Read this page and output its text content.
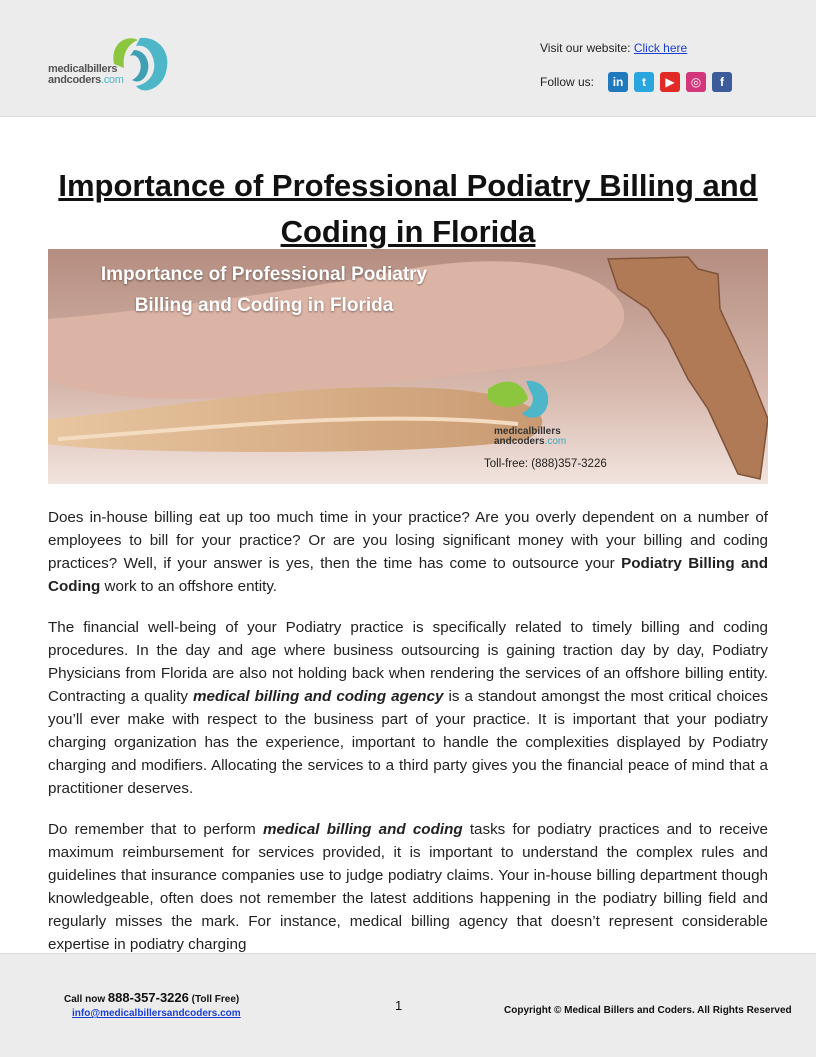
medicalbillers
andcoders.com
Visit our website: Click here
Follow us: in t ▶ ◎ f
Importance of Professional Podiatry Billing and Coding in Florida
Importance of Professional Podiatry
Billing and Coding in Florida
medicalbillers
andcoders.com
Toll-free: (888)357-3226

Does in-house billing eat up too much time in your practice? Are you overly dependent on a number of employees to bill for your practice? Or are you losing significant money with your billing and coding practices? Well, if your answer is yes, then the time has come to outsource your Podiatry Billing and Coding work to an offshore entity.

The financial well-being of your Podiatry practice is specifically related to timely billing and coding procedures. In the day and age where business outsourcing is gaining traction day by day, Podiatry Physicians from Florida are also not holding back when rendering the services of an offshore billing entity. Contracting a quality medical billing and coding agency is a standout amongst the most critical choices you’ll ever make with respect to the business part of your practice. It is important that your podiatry charging organization has the experience, important to handle the complexities displayed by Podiatry charging and modifiers. Allocating the services to a third party gives you the financial peace of mind that a practitioner deserves.

Do remember that to perform medical billing and coding tasks for podiatry practices and to receive maximum reimbursement for services provided, it is important to understand the complex rules and guidelines that insurance companies use to judge podiatry claims. Your in-house billing department though knowledgeable, often does not remember the latest additions happening in the podiatry billing field and regularly misses the mark. For instance, medical billing agency that doesn’t represent considerable expertise in podiatry charging

Call now 888-357-3226 (Toll Free)
info@medicalbillersandcoders.com
1	Copyright © Medical Billers and Coders. All Rights Reserved
